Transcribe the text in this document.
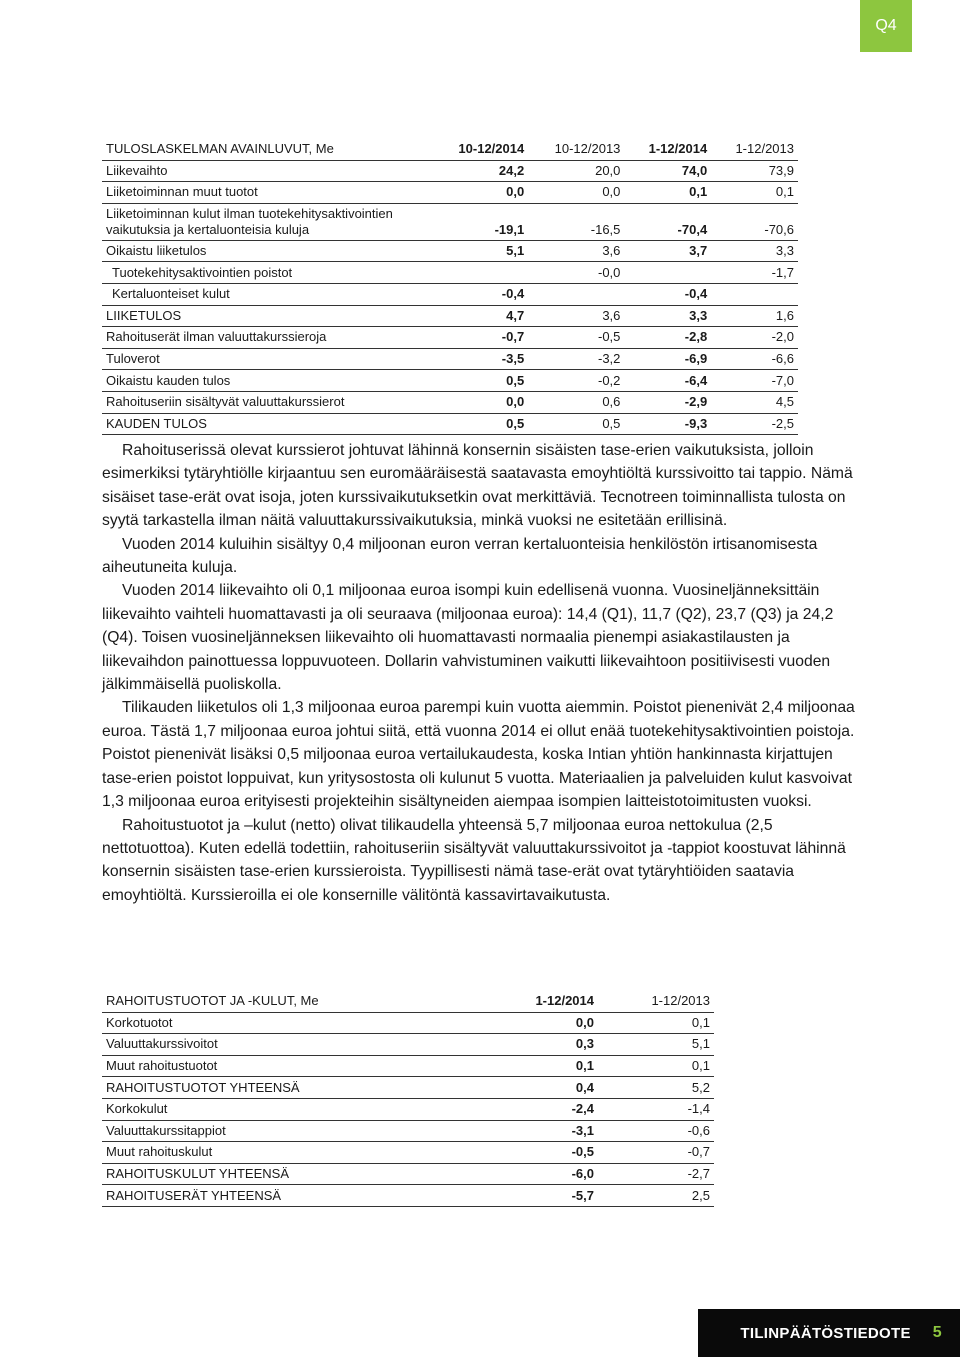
Q4
TULOSLASKELMAN AVAINLUVUT, Me	10-12/2014	10-12/2013	1-12/2014	1-12/2013
Liikevaihto	24,2	20,0	74,0	73,9
Liiketoiminnan muut tuotot	0,0	0,0	0,1	0,1
Liiketoiminnan kulut ilman tuotekehitysaktivointien vaikutuksia ja kertaluonteisia kuluja	-19,1	-16,5	-70,4	-70,6
Oikaistu liiketulos	5,1	3,6	3,7	3,3
Tuotekehitysaktivointien poistot		-0,0		-1,7
Kertaluonteiset kulut	-0,4		-0,4	
LIIKETULOS	4,7	3,6	3,3	1,6
Rahoituserät ilman valuuttakurssieroja	-0,7	-0,5	-2,8	-2,0
Tuloverot	-3,5	-3,2	-6,9	-6,6
Oikaistu kauden tulos	0,5	-0,2	-6,4	-7,0
Rahoituseriin sisältyvät valuuttakurssierot	0,0	0,6	-2,9	4,5
KAUDEN TULOS	0,5	0,5	-9,3	-2,5

Rahoituserissä olevat kurssierot johtuvat lähinnä konsernin sisäisten tase-erien vaikutuksista, jolloin esimerkiksi tytäryhtiölle kirjaantuu sen euromääräisestä saatavasta emoyhtiöltä kurssivoitto tai tappio. Nämä sisäiset tase-erät ovat isoja, joten kurssivaikutuksetkin ovat merkittäviä. Tecnotreen toiminnallista tulosta on syytä tarkastella ilman näitä valuuttakurssivaikutuksia, minkä vuoksi ne esitetään erillisinä.

Vuoden 2014 kuluihin sisältyy 0,4 miljoonan euron verran kertaluonteisia henkilöstön irtisanomisesta aiheutuneita kuluja.

Vuoden 2014 liikevaihto oli 0,1 miljoonaa euroa isompi kuin edellisenä vuonna. Vuosineljänneksittäin liikevaihto vaihteli huomattavasti ja oli seuraava (miljoonaa euroa): 14,4 (Q1), 11,7 (Q2), 23,7 (Q3) ja 24,2 (Q4). Toisen vuosineljänneksen liikevaihto oli huomattavasti normaalia pienempi asiakastilausten ja liikevaihdon painottuessa loppuvuoteen. Dollarin vahvistuminen vaikutti liikevaihtoon positiivisesti vuoden jälkimmäisellä puoliskolla.

Tilikauden liiketulos oli 1,3 miljoonaa euroa parempi kuin vuotta aiemmin. Poistot pienenivät 2,4 miljoonaa euroa. Tästä 1,7 miljoonaa euroa johtui siitä, että vuonna 2014 ei ollut enää tuotekehitysaktivointien poistoja. Poistot pienenivät lisäksi 0,5 miljoonaa euroa vertailukaudesta, koska Intian yhtiön hankinnasta kirjattujen tase-erien poistot loppuivat, kun yritysostosta oli kulunut 5 vuotta. Materiaalien ja palveluiden kulut kasvoivat 1,3 miljoonaa euroa erityisesti projekteihin sisältyneiden aiempaa isompien laitteistotoimitusten vuoksi.

Rahoitustuotot ja –kulut (netto) olivat tilikaudella yhteensä 5,7 miljoonaa euroa nettokulua (2,5 nettotuottoa). Kuten edellä todettiin, rahoituseriin sisältyvät valuuttakurssivoitot ja -tappiot koostuvat lähinnä konsernin sisäisten tase-erien kurssieroista. Tyypillisesti nämä tase-erät ovat tytäryhtiöiden saatavia emoyhtiöltä. Kurssieroilla ei ole konsernille välitöntä kassavirtavaikutusta.

RAHOITUSTUOTOT JA -KULUT, Me	1-12/2014	1-12/2013
Korkotuotot	0,0	0,1
Valuuttakurssivoitot	0,3	5,1
Muut rahoitustuotot	0,1	0,1
RAHOITUSTUOTOT YHTEENSÄ	0,4	5,2
Korkokulut	-2,4	-1,4
Valuuttakurssitappiot	-3,1	-0,6
Muut rahoituskulut	-0,5	-0,7
RAHOITUSKULUT YHTEENSÄ	-6,0	-2,7
RAHOITUSERÄT YHTEENSÄ	-5,7	2,5
TILINPÄÄTÖSTIEDOTE 5
